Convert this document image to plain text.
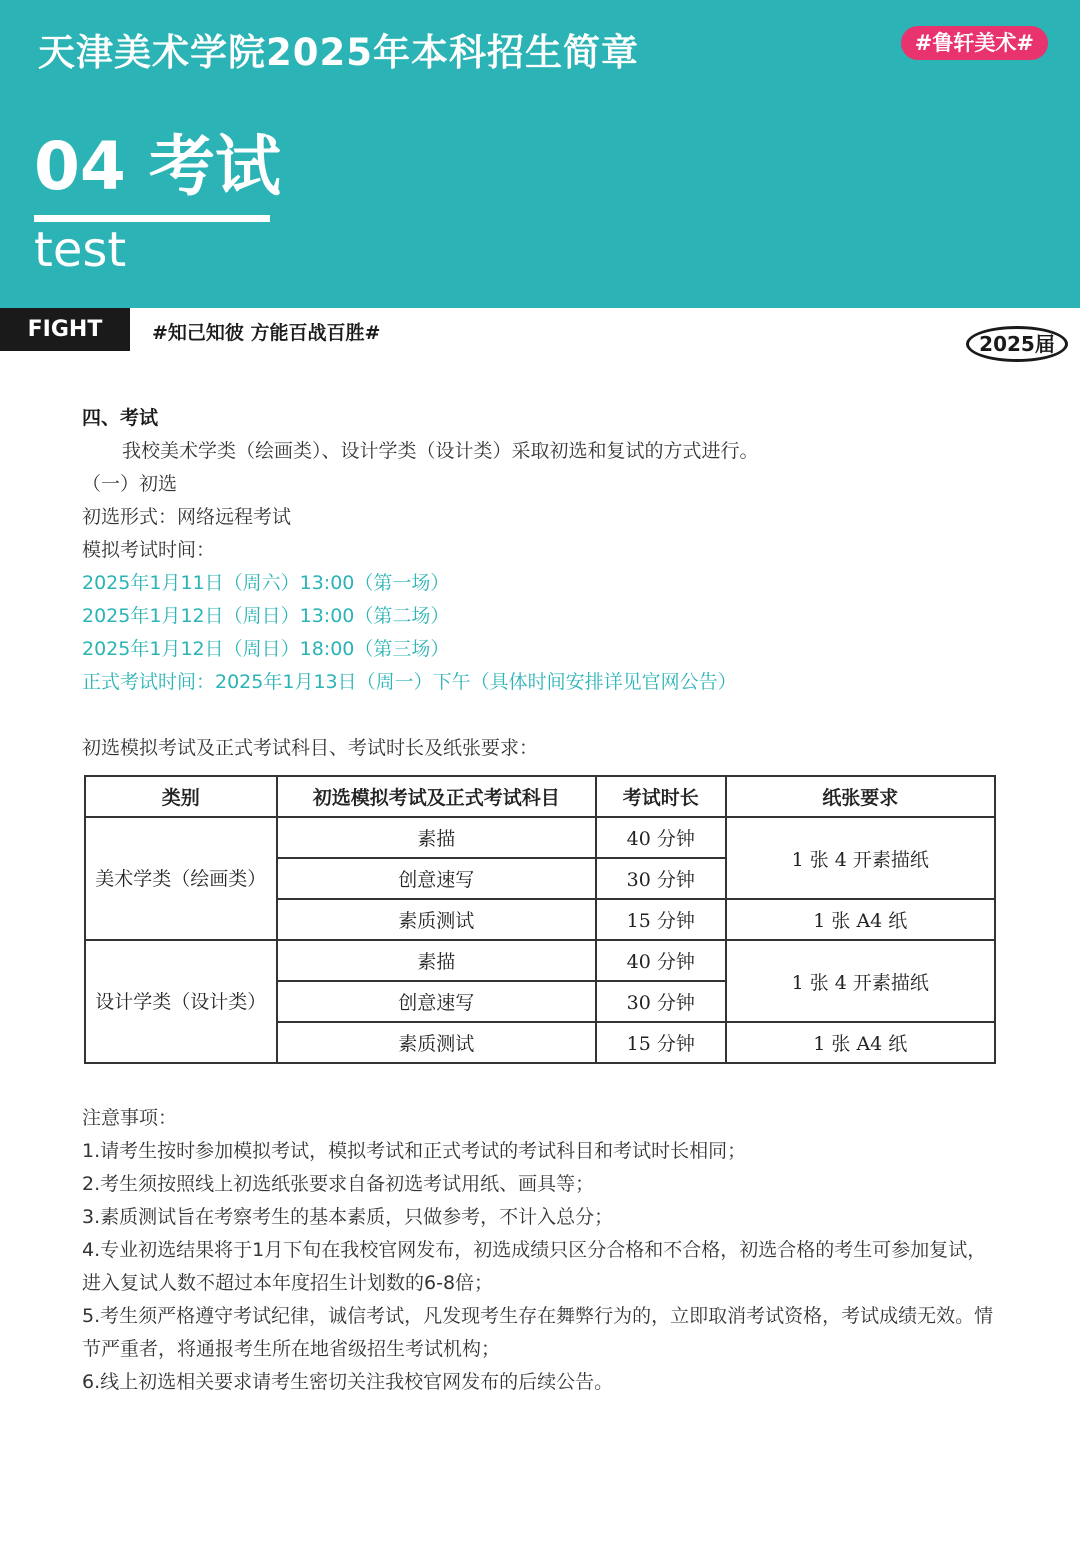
天津美术学院2025年本科招生简章	#鲁轩美术#
04 考试
test
FIGHT	#知己知彼 方能百战百胜#	2025届

四、考试

我校美术学类（绘画类）、设计学类（设计类）采取初选和复试的方式进行。

（一）初选

初选形式：网络远程考试

模拟考试时间：

2025年1月11日（周六）13:00（第一场）

2025年1月12日（周日）13:00（第二场）

2025年1月12日（周日）18:00（第三场）

正式考试时间：2025年1月13日（周一）下午（具体时间安排详见官网公告）

初选模拟考试及正式考试科目、考试时长及纸张要求：

类别	初选模拟考试及正式考试科目	考试时长	纸张要求
美术学类（绘画类）	素描	40 分钟	1 张 4 开素描纸
	创意速写	30 分钟	
	素质测试	15 分钟	1 张 A4 纸
设计学类（设计类）	素描	40 分钟	1 张 4 开素描纸
	创意速写	30 分钟	
	素质测试	15 分钟	1 张 A4 纸

注意事项：

1.请考生按时参加模拟考试，模拟考试和正式考试的考试科目和考试时长相同；

2.考生须按照线上初选纸张要求自备初选考试用纸、画具等；

3.素质测试旨在考察考生的基本素质，只做参考，不计入总分；

4.专业初选结果将于1月下旬在我校官网发布，初选成绩只区分合格和不合格，初选合格的考生可参加复试，进入复试人数不超过本年度招生计划数的6-8倍；

5.考生须严格遵守考试纪律，诚信考试，凡发现考生存在舞弊行为的，立即取消考试资格，考试成绩无效。情节严重者，将通报考生所在地省级招生考试机构；

6.线上初选相关要求请考生密切关注我校官网发布的后续公告。
